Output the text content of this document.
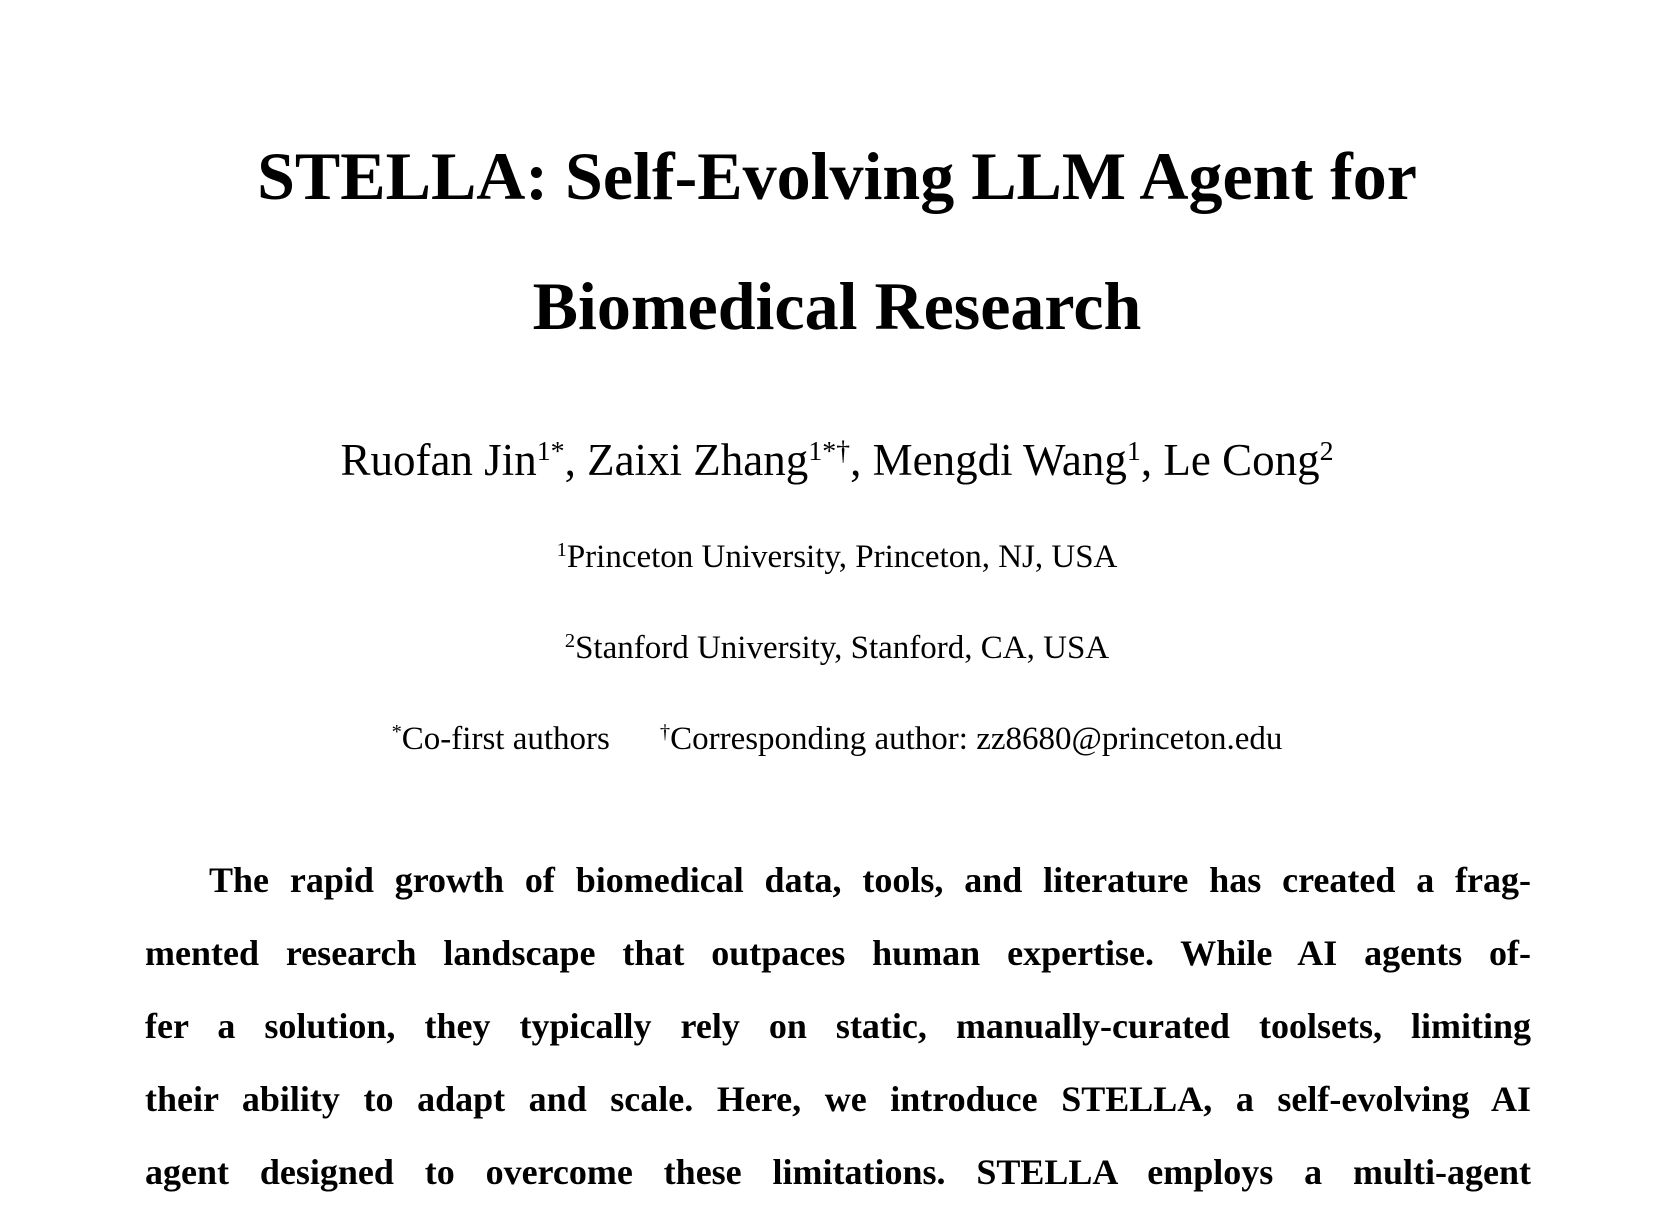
STELLA: Self-Evolving LLM Agent for
Biomedical Research
Ruofan Jin$^{1*}$, Zaixi Zhang$^{1*\dagger}$, Mengdi Wang$^1$, Le Cong$^2$
$^1$Princeton University, Princeton, NJ, USA
$^2$Stanford University, Stanford, CA, USA
*Co-first authors †Corresponding author: zz8680@princeton.edu
The rapid growth of biomedical data, tools, and literature has created a frag-
mented research landscape that outpaces human expertise. While AI agents of-
fer a solution, they typically rely on static, manually-curated toolsets, limiting
their ability to adapt and scale. Here, we introduce STELLA, a self-evolving AI
agent designed to overcome these limitations. STELLA employs a multi-agent
